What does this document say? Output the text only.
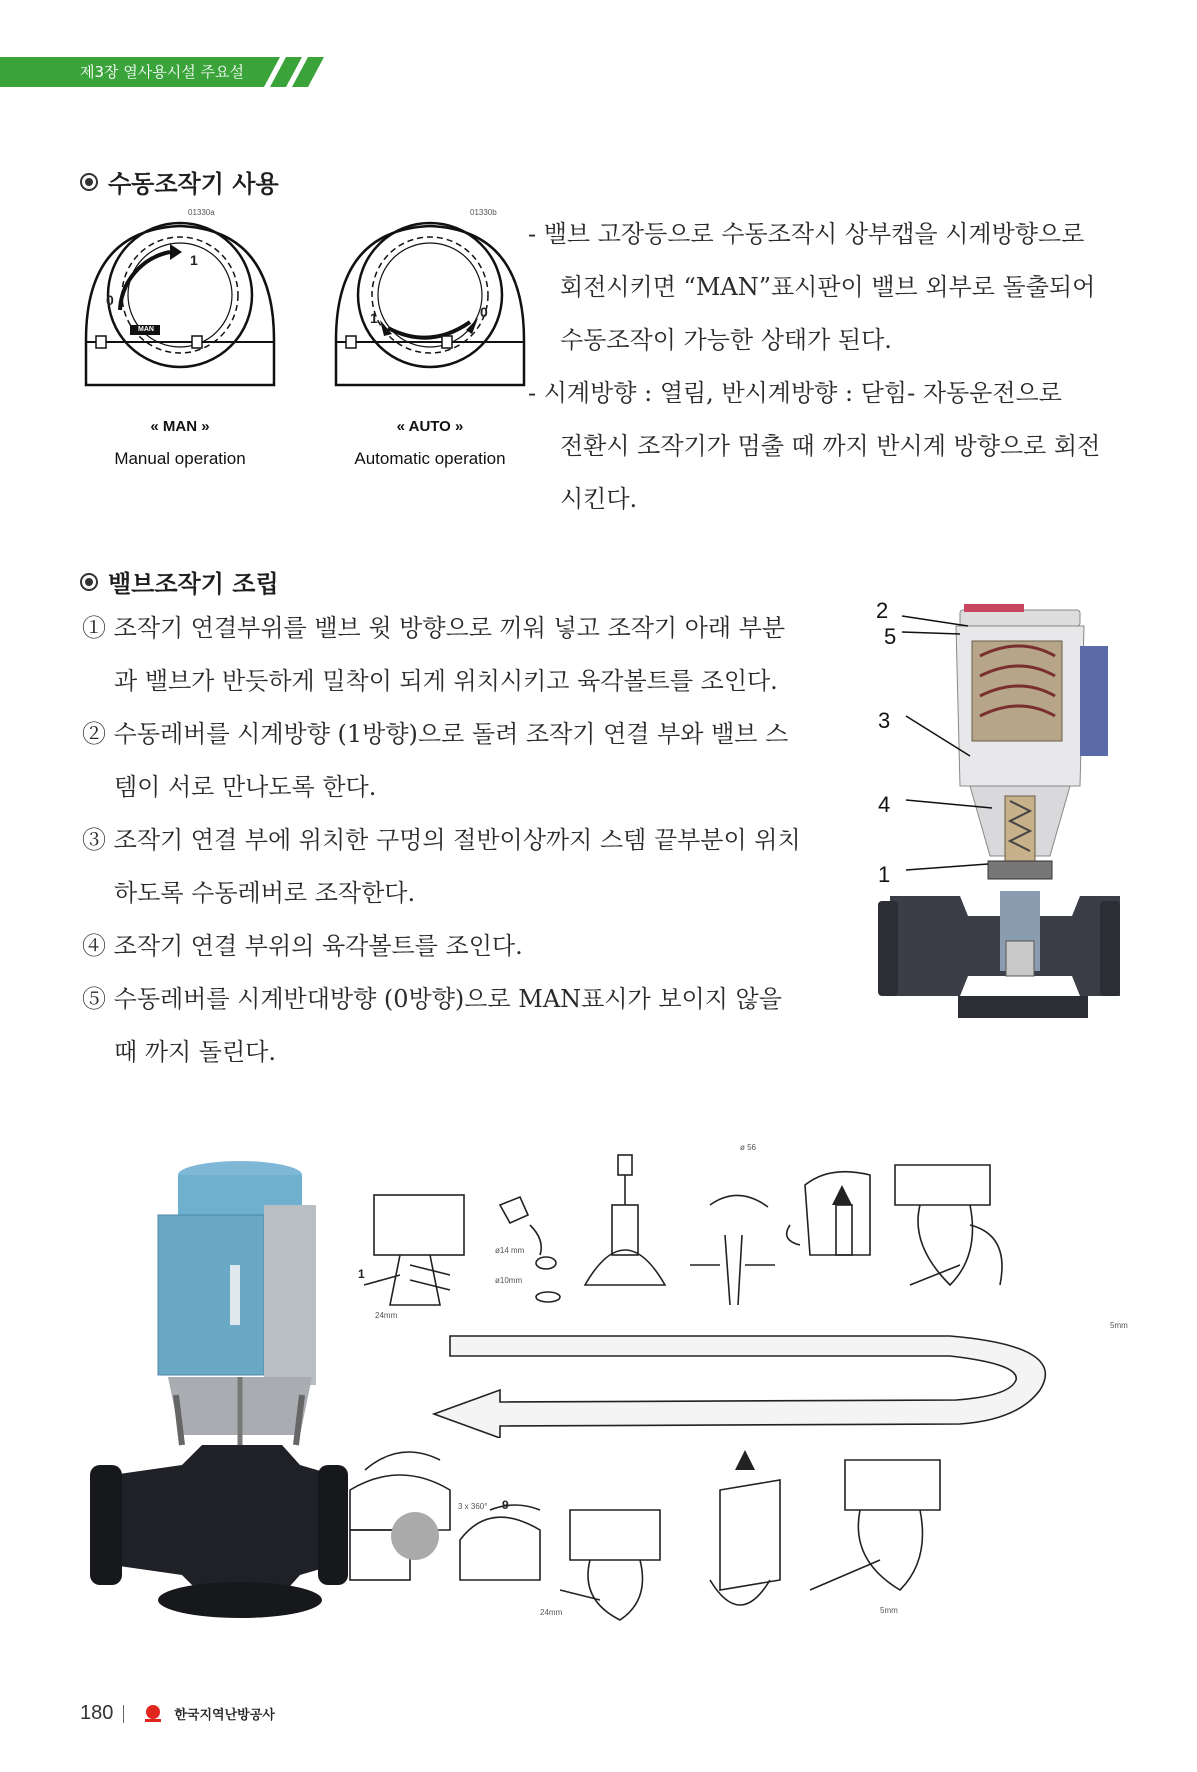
제3장 열사용시설 주요설비
수동조작기 사용
01330a
MAN
0
1
« MAN »
Manual operation
01330b
1	0
« AUTO »
Automatic operation
- 밸브 고장등으로 수동조작시 상부캡을 시계방향으로
회전시키면 “MAN”표시판이 밸브 외부로 돌출되어
수동조작이 가능한 상태가 된다.
- 시계방향 : 열림, 반시계방향 : 닫힘- 자동운전으로
전환시 조작기가 멈출 때 까지 반시계 방향으로 회전
시킨다.
밸브조작기 조립
① 조작기 연결부위를 밸브 윗 방향으로 끼워 넣고 조작기 아래 부분
과 밸브가 반듯하게 밀착이 되게 위치시키고 육각볼트를 조인다.
② 수동레버를 시계방향 (1방향)으로 돌려 조작기 연결 부와 밸브 스
템이 서로 만나도록 한다.
③ 조작기 연결 부에 위치한 구멍의 절반이상까지 스템 끝부분이 위치
하도록 수동레버로 조작한다.
④ 조작기 연결 부위의 육각볼트를 조인다.
⑤ 수동레버를 시계반대방향 (0방향)으로 MAN표시가 보이지 않을
때 까지 돌린다.
2
5
3
4
1
ø14 mm
ø10mm
24mm
ø 56
5mm
1
3 x 360° 9
24mm	5mm
180	한국지역난방공사
